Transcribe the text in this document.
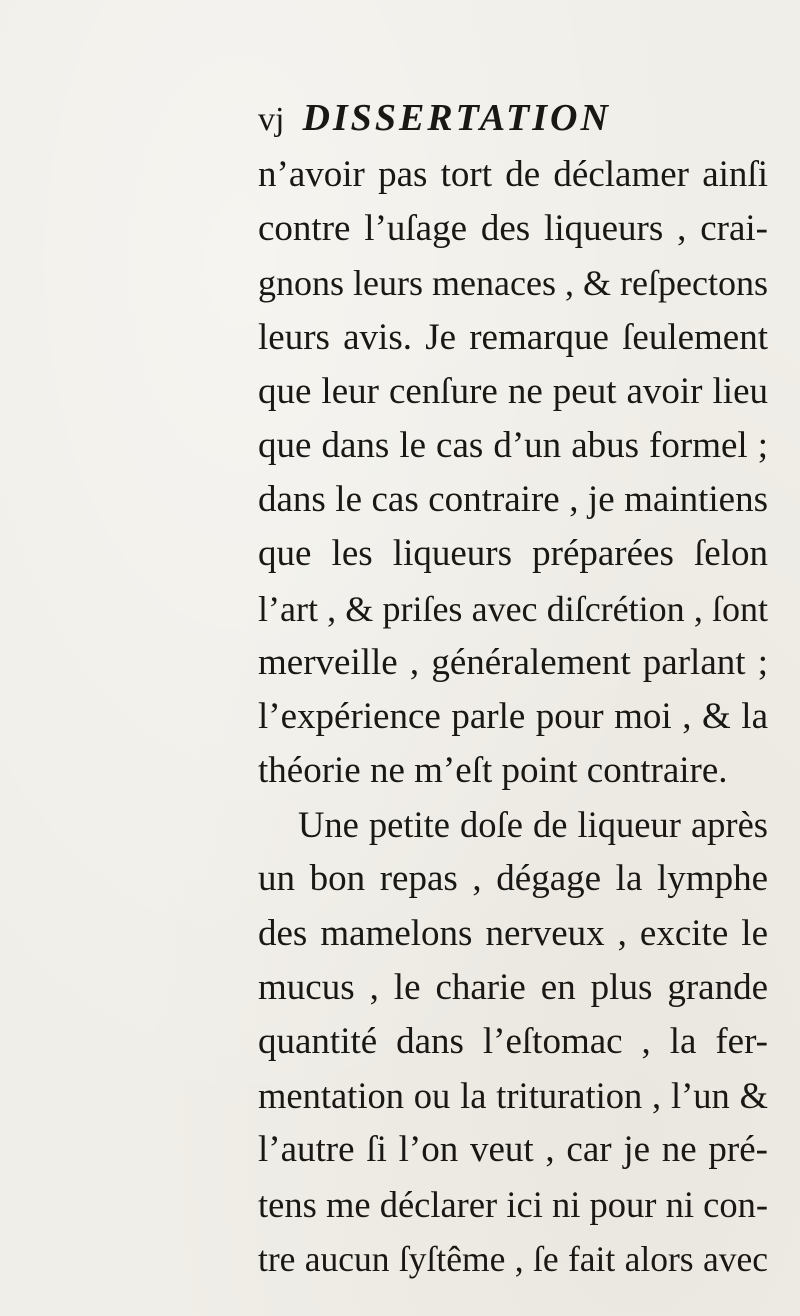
vj DISSERTATION
n’avoir pas tort de déclamer ainſi
contre l’uſage des liqueurs , crai-
gnons leurs menaces , & reſpectons
leurs avis. Je remarque ſeulement
que leur cenſure ne peut avoir lieu
que dans le cas d’un abus formel ;
dans le cas contraire , je maintiens
que les liqueurs préparées ſelon
l’art , & priſes avec diſcrétion , ſont
merveille , généralement parlant ;
l’expérience parle pour moi , & la
théorie ne m’eſt point contraire.
Une petite doſe de liqueur après
un bon repas , dégage la lymphe
des mamelons nerveux , excite le
mucus , le charie en plus grande
quantité dans l’eſtomac , la fer-
mentation ou la trituration , l’un &
l’autre ſi l’on veut , car je ne pré-
tens me déclarer ici ni pour ni con-
tre aucun ſyſtême , ſe fait alors avec
